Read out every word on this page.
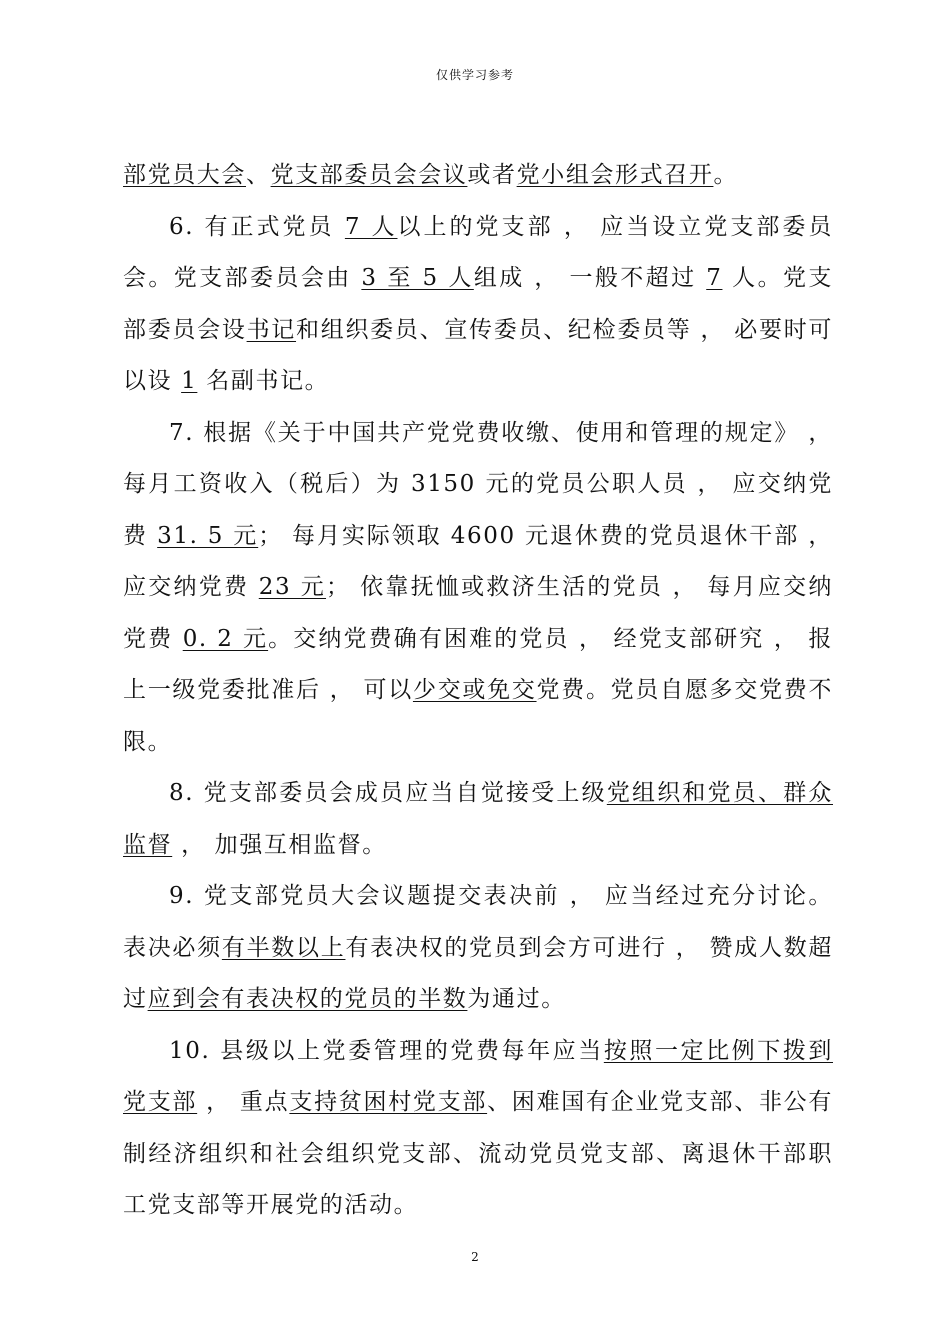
仅供学习参考

部党员大会、党支部委员会会议或者党小组会形式召开。

6. 有正式党员 7 人以上的党支部 ， 应当设立党支部委员会。党支部委员会由 3 至 5 人组成 ， 一般不超过 7 人。党支部委员会设书记和组织委员、宣传委员、纪检委员等 ， 必要时可以设 1 名副书记。

7. 根据《关于中国共产党党费收缴、使用和管理的规定》 ，每月工资收入（税后）为 3150 元的党员公职人员 ， 应交纳党费 31. 5 元； 每月实际领取 4600 元退休费的党员退休干部 ， 应交纳党费 23 元； 依靠抚恤或救济生活的党员 ， 每月应交纳党费 0. 2 元。交纳党费确有困难的党员 ， 经党支部研究 ， 报上一级党委批准后 ， 可以少交或免交党费。党员自愿多交党费不限。

8. 党支部委员会成员应当自觉接受上级党组织和党员、群众监督 ， 加强互相监督。

9. 党支部党员大会议题提交表决前 ， 应当经过充分讨论。表决必须有半数以上有表决权的党员到会方可进行 ， 赞成人数超过应到会有表决权的党员的半数为通过。

10. 县级以上党委管理的党费每年应当按照一定比例下拨到党支部 ， 重点支持贫困村党支部、困难国有企业党支部、非公有制经济组织和社会组织党支部、流动党员党支部、离退休干部职工党支部等开展党的活动。

2
